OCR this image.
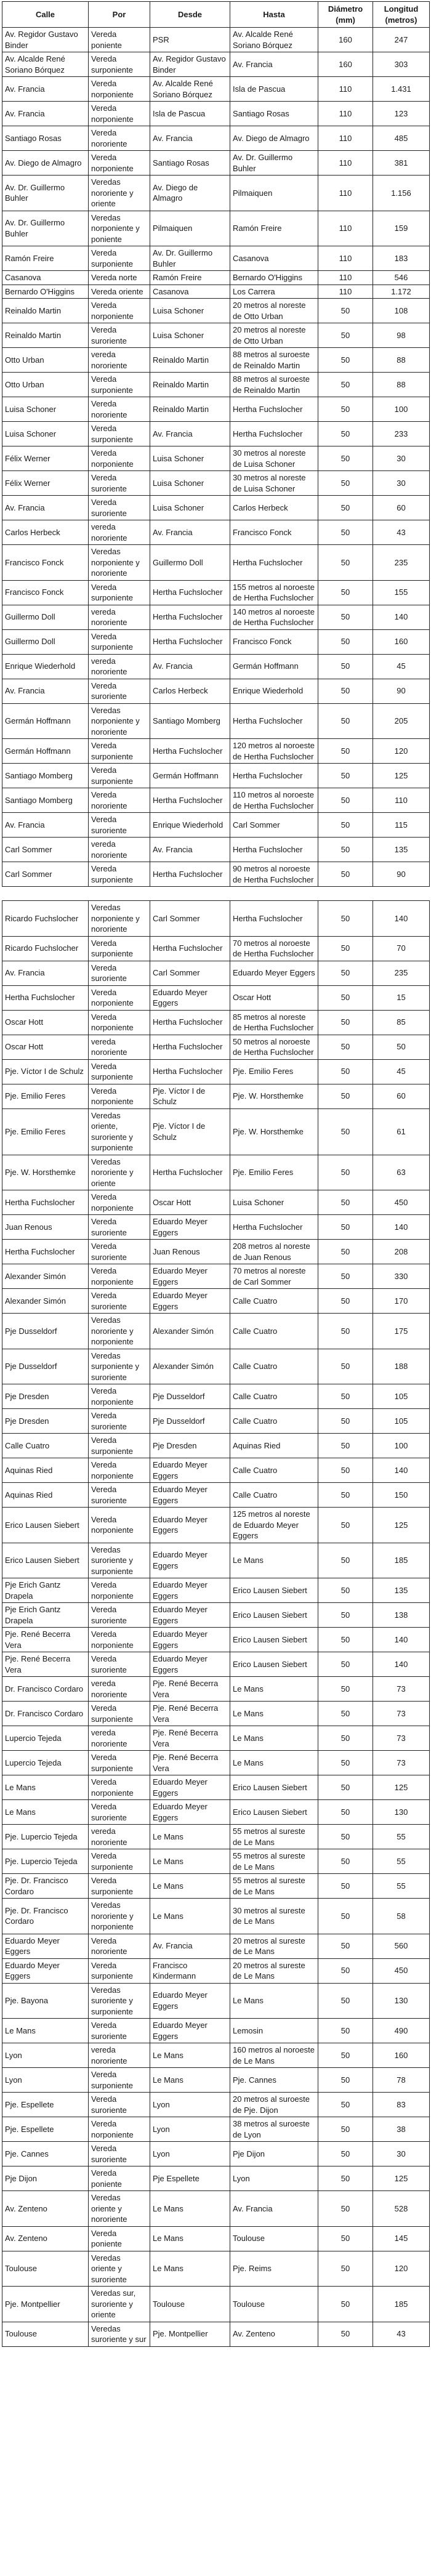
Calle	Por	Desde	Hasta	Diámetro (mm)	Longitud (metros)
Av. Regidor Gustavo Binder	Vereda poniente	PSR	Av. Alcalde René Soriano Bórquez	160	247
Av. Alcalde René Soriano Bórquez	Vereda surponiente	Av. Regidor Gustavo Binder	Av. Francia	160	303
Av. Francia	Vereda norponiente	Av. Alcalde René Soriano Bórquez	Isla de Pascua	110	1.431
Av. Francia	Vereda norponiente	Isla de Pascua	Santiago Rosas	110	123
Santiago Rosas	Vereda nororiente	Av. Francia	Av. Diego de Almagro	110	485
Av. Diego de Almagro	Vereda norponiente	Santiago Rosas	Av. Dr. Guillermo Buhler	110	381
Av. Dr. Guillermo Buhler	Veredas nororiente y oriente	Av. Diego de Almagro	Pilmaiquen	110	1.156
Av. Dr. Guillermo Buhler	Veredas norponiente y poniente	Pilmaiquen	Ramón Freire	110	159
Ramón Freire	Vereda surponiente	Av. Dr. Guillermo Buhler	Casanova	110	183
Casanova	Vereda norte	Ramón Freire	Bernardo O'Higgins	110	546
Bernardo O'Higgins	Vereda oriente	Casanova	Los Carrera	110	1.172
Reinaldo Martin	Vereda norponiente	Luisa Schoner	20 metros al noreste de Otto Urban	50	108
Reinaldo Martin	Vereda suroriente	Luisa Schoner	20 metros al noreste de Otto Urban	50	98
Otto Urban	vereda nororiente	Reinaldo Martin	88 metros al suroeste de Reinaldo Martin	50	88
Otto Urban	Vereda surponiente	Reinaldo Martin	88 metros al suroeste de Reinaldo Martin	50	88
Luisa Schoner	Vereda nororiente	Reinaldo Martin	Hertha Fuchslocher	50	100
Luisa Schoner	Vereda surponiente	Av. Francia	Hertha Fuchslocher	50	233
Félix Werner	Vereda norponiente	Luisa Schoner	30 metros al noreste de Luisa Schoner	50	30
Félix Werner	Vereda suroriente	Luisa Schoner	30 metros al noreste de Luisa Schoner	50	30
Av. Francia	Vereda suroriente	Luisa Schoner	Carlos Herbeck	50	60
Carlos Herbeck	vereda nororiente	Av. Francia	Francisco Fonck	50	43
Francisco Fonck	Veredas norponiente y nororiente	Guillermo Doll	Hertha Fuchslocher	50	235
Francisco Fonck	Vereda surponiente	Hertha Fuchslocher	155 metros al noroeste de Hertha Fuchslocher	50	155
Guillermo Doll	vereda nororiente	Hertha Fuchslocher	140 metros al noroeste de Hertha Fuchslocher	50	140
Guillermo Doll	Vereda surponiente	Hertha Fuchslocher	Francisco Fonck	50	160
Enrique Wiederhold	vereda nororiente	Av. Francia	Germán Hoffmann	50	45
Av. Francia	Vereda suroriente	Carlos Herbeck	Enrique Wiederhold	50	90
Germán Hoffmann	Veredas norponiente y nororiente	Santiago Momberg	Hertha Fuchslocher	50	205
Germán Hoffmann	Vereda surponiente	Hertha Fuchslocher	120 metros al noroeste de Hertha Fuchslocher	50	120
Santiago Momberg	Vereda surponiente	Germán Hoffmann	Hertha Fuchslocher	50	125
Santiago Momberg	Vereda nororiente	Hertha Fuchslocher	110 metros al noroeste de Hertha Fuchslocher	50	110
Av. Francia	Vereda suroriente	Enrique Wiederhold	Carl Sommer	50	115
Carl Sommer	vereda nororiente	Av. Francia	Hertha Fuchslocher	50	135
Carl Sommer	Vereda surponiente	Hertha Fuchslocher	90 metros al noroeste de Hertha Fuchslocher	50	90
Ricardo Fuchslocher	Veredas norponiente y nororiente	Carl Sommer	Hertha Fuchslocher	50	140
Ricardo Fuchslocher	Vereda surponiente	Hertha Fuchslocher	70 metros al noroeste de Hertha Fuchslocher	50	70
Av. Francia	Vereda suroriente	Carl Sommer	Eduardo Meyer Eggers	50	235
Hertha Fuchslocher	Vereda norponiente	Eduardo Meyer Eggers	Oscar Hott	50	15
Oscar Hott	Vereda norponiente	Hertha Fuchslocher	85 metros al noreste de Hertha Fuchslocher	50	85
Oscar Hott	vereda nororiente	Hertha Fuchslocher	50 metros al noroeste de Hertha Fuchslocher	50	50
Pje. Víctor I de Schulz	Vereda surponiente	Hertha Fuchslocher	Pje. Emilio Feres	50	45
Pje. Emilio Feres	Vereda norponiente	Pje. Víctor I de Schulz	Pje. W. Horsthemke	50	60
Pje. Emilio Feres	Veredas oriente, suroriente y surponiente	Pje. Víctor I de Schulz	Pje. W. Horsthemke	50	61
Pje. W. Horsthemke	Veredas nororiente y oriente	Hertha Fuchslocher	Pje. Emilio Feres	50	63
Hertha Fuchslocher	Vereda norponiente	Oscar Hott	Luisa Schoner	50	450
Juan Renous	Vereda suroriente	Eduardo Meyer Eggers	Hertha Fuchslocher	50	140
Hertha Fuchslocher	Vereda suroriente	Juan Renous	208 metros al noreste de Juan Renous	50	208
Alexander Simón	Vereda norponiente	Eduardo Meyer Eggers	70 metros al noreste de Carl Sommer	50	330
Alexander Simón	Vereda suroriente	Eduardo Meyer Eggers	Calle Cuatro	50	170
Pje Dusseldorf	Veredas nororiente y norponiente	Alexander Simón	Calle Cuatro	50	175
Pje Dusseldorf	Veredas surponiente y suroriente	Alexander Simón	Calle Cuatro	50	188
Pje Dresden	Vereda norponiente	Pje Dusseldorf	Calle Cuatro	50	105
Pje Dresden	Vereda suroriente	Pje Dusseldorf	Calle Cuatro	50	105
Calle Cuatro	Vereda surponiente	Pje Dresden	Aquinas Ried	50	100
Aquinas Ried	Vereda norponiente	Eduardo Meyer Eggers	Calle Cuatro	50	140
Aquinas Ried	Vereda suroriente	Eduardo Meyer Eggers	Calle Cuatro	50	150
Erico Lausen Siebert	Vereda norponiente	Eduardo Meyer Eggers	125 metros al noreste de Eduardo Meyer Eggers	50	125
Erico Lausen Siebert	Veredas suroriente y surponiente	Eduardo Meyer Eggers	Le Mans	50	185
Pje Erich Gantz Drapela	Vereda norponiente	Eduardo Meyer Eggers	Erico Lausen Siebert	50	135
Pje Erich Gantz Drapela	Vereda suroriente	Eduardo Meyer Eggers	Erico Lausen Siebert	50	138
Pje. René Becerra Vera	Vereda norponiente	Eduardo Meyer Eggers	Erico Lausen Siebert	50	140
Pje. René Becerra Vera	Vereda suroriente	Eduardo Meyer Eggers	Erico Lausen Siebert	50	140
Dr. Francisco Cordaro	vereda nororiente	Pje. René Becerra Vera	Le Mans	50	73
Dr. Francisco Cordaro	Vereda surponiente	Pje. René Becerra Vera	Le Mans	50	73
Lupercio Tejeda	vereda nororiente	Pje. René Becerra Vera	Le Mans	50	73
Lupercio Tejeda	Vereda surponiente	Pje. René Becerra Vera	Le Mans	50	73
Le Mans	Vereda norponiente	Eduardo Meyer Eggers	Erico Lausen Siebert	50	125
Le Mans	Vereda suroriente	Eduardo Meyer Eggers	Erico Lausen Siebert	50	130
Pje. Lupercio Tejeda	vereda nororiente	Le Mans	55 metros al sureste de Le Mans	50	55
Pje. Lupercio Tejeda	Vereda surponiente	Le Mans	55 metros al sureste de Le Mans	50	55
Pje. Dr. Francisco Cordaro	Vereda surponiente	Le Mans	55 metros al sureste de Le Mans	50	55
Pje. Dr. Francisco Cordaro	Veredas nororiente y norponiente	Le Mans	30 metros al sureste de Le Mans	50	58
Eduardo Meyer Eggers	Vereda nororiente	Av. Francia	20 metros al sureste de Le Mans	50	560
Eduardo Meyer Eggers	Vereda surponiente	Francisco Kindermann	20 metros al sureste de Le Mans	50	450
Pje. Bayona	Veredas suroriente y surponiente	Eduardo Meyer Eggers	Le Mans	50	130
Le Mans	Vereda suroriente	Eduardo Meyer Eggers	Lemosin	50	490
Lyon	vereda nororiente	Le Mans	160 metros al noroeste de Le Mans	50	160
Lyon	Vereda surponiente	Le Mans	Pje. Cannes	50	78
Pje. Espellete	Vereda suroriente	Lyon	20 metros al suroeste de Pje. Dijon	50	83
Pje. Espellete	Vereda norponiente	Lyon	38 metros al suroeste de Lyon	50	38
Pje. Cannes	Vereda suroriente	Lyon	Pje Dijon	50	30
Pje Dijon	Vereda poniente	Pje Espellete	Lyon	50	125
Av. Zenteno	Veredas oriente y nororiente	Le Mans	Av. Francia	50	528
Av. Zenteno	Vereda poniente	Le Mans	Toulouse	50	145
Toulouse	Veredas oriente y suroriente	Le Mans	Pje. Reims	50	120
Pje. Montpellier	Veredas sur, suroriente y oriente	Toulouse	Toulouse	50	185
Toulouse	Veredas suroriente y sur	Pje. Montpellier	Av. Zenteno	50	43
